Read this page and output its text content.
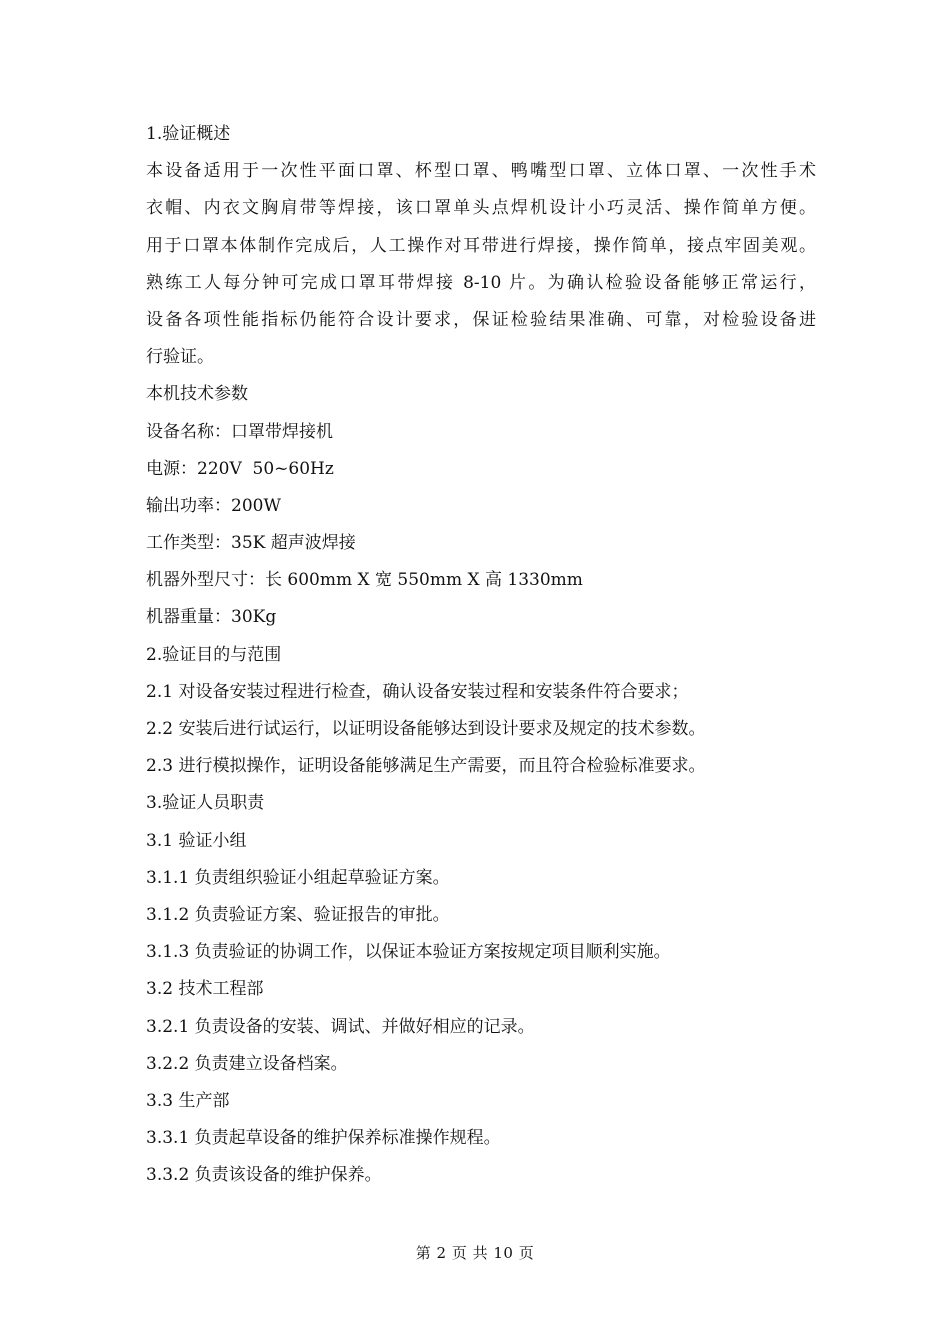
1.验证概述
本设备适用于一次性平面口罩、杯型口罩、鸭嘴型口罩、立体口罩、一次性手术
衣帽、内衣文胸肩带等焊接，该口罩单头点焊机设计小巧灵活、操作简单方便。
用于口罩本体制作完成后，人工操作对耳带进行焊接，操作简单，接点牢固美观。
熟练工人每分钟可完成口罩耳带焊接 8-10 片。为确认检验设备能够正常运行，
设备各项性能指标仍能符合设计要求，保证检验结果准确、可靠，对检验设备进
行验证。
本机技术参数
设备名称：口罩带焊接机
电源：220V  50~60Hz
输出功率：200W
工作类型：35K 超声波焊接
机器外型尺寸：长 600mm X 宽 550mm X 高 1330mm
机器重量：30Kg
2.验证目的与范围
2.1 对设备安装过程进行检查，确认设备安装过程和安装条件符合要求；
2.2 安装后进行试运行，以证明设备能够达到设计要求及规定的技术参数。
2.3 进行模拟操作，证明设备能够满足生产需要，而且符合检验标准要求。
3.验证人员职责
3.1 验证小组
3.1.1 负责组织验证小组起草验证方案。
3.1.2 负责验证方案、验证报告的审批。
3.1.3 负责验证的协调工作，以保证本验证方案按规定项目顺利实施。
3.2 技术工程部
3.2.1 负责设备的安装、调试、并做好相应的记录。
3.2.2 负责建立设备档案。
3.3 生产部
3.3.1 负责起草设备的维护保养标准操作规程。
3.3.2 负责该设备的维护保养。
第 2 页 共 10 页
